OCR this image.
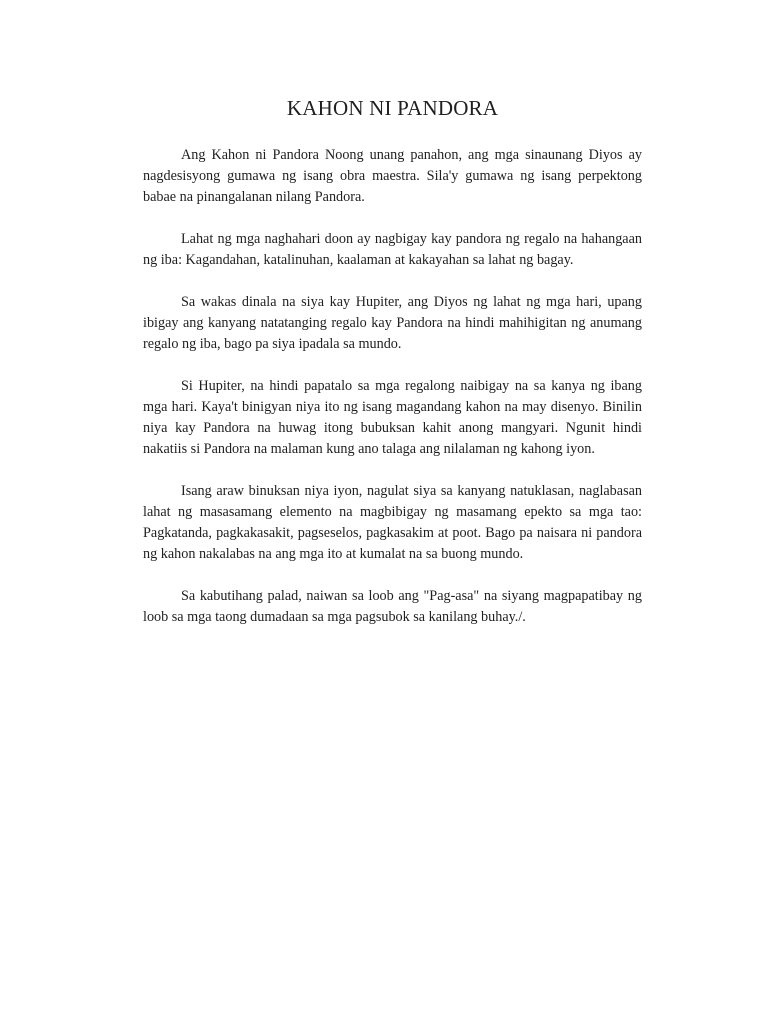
KAHON NI PANDORA

Ang Kahon ni Pandora Noong unang panahon, ang mga sinaunang Diyos ay nagdesisyong gumawa ng isang obra maestra. Sila'y gumawa ng isang perpektong babae na pinangalanan nilang Pandora.

Lahat ng mga naghahari doon ay nagbigay kay pandora ng regalo na hahangaan ng iba: Kagandahan, katalinuhan, kaalaman at kakayahan sa lahat ng bagay.

Sa wakas dinala na siya kay Hupiter, ang Diyos ng lahat ng mga hari, upang ibigay ang kanyang natatanging regalo kay Pandora na hindi mahihigitan ng anumang regalo ng iba, bago pa siya ipadala sa mundo.

Si Hupiter, na hindi papatalo sa mga regalong naibigay na sa kanya ng ibang mga hari. Kaya't binigyan niya ito ng isang magandang kahon na may disenyo. Binilin niya kay Pandora na huwag itong bubuksan kahit anong mangyari. Ngunit hindi nakatiis si Pandora na malaman kung ano talaga ang nilalaman ng kahong iyon.

Isang araw binuksan niya iyon, nagulat siya sa kanyang natuklasan, naglabasan lahat ng masasamang elemento na magbibigay ng masamang epekto sa mga tao: Pagkatanda, pagkakasakit, pagseselos, pagkasakim at poot. Bago pa naisara ni pandora ng kahon nakalabas na ang mga ito at kumalat na sa buong mundo.

Sa kabutihang palad, naiwan sa loob ang "Pag-asa" na siyang magpapatibay ng loob sa mga taong dumadaan sa mga pagsubok sa kanilang buhay./.
